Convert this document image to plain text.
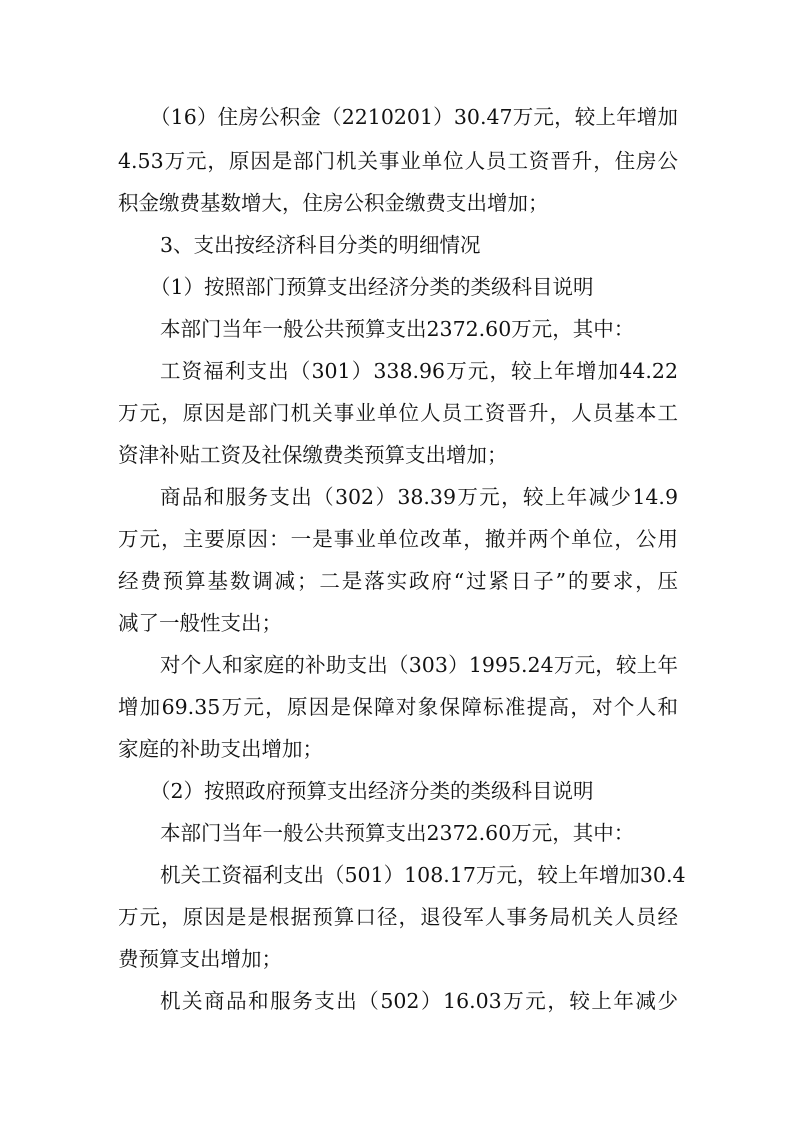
（16）住房公积金（2210201）30.47万元，较上年增加
4.53万元，原因是部门机关事业单位人员工资晋升，住房公
积金缴费基数增大，住房公积金缴费支出增加；
3、支出按经济科目分类的明细情况
（1）按照部门预算支出经济分类的类级科目说明
本部门当年一般公共预算支出2372.60万元，其中：
工资福利支出（301）338.96万元，较上年增加44.22
万元，原因是部门机关事业单位人员工资晋升，人员基本工
资津补贴工资及社保缴费类预算支出增加；
商品和服务支出（302）38.39万元，较上年减少14.9
万元，主要原因：一是事业单位改革，撤并两个单位，公用
经费预算基数调减；二是落实政府“过紧日子”的要求，压
减了一般性支出；
对个人和家庭的补助支出（303）1995.24万元，较上年
增加69.35万元，原因是保障对象保障标准提高，对个人和
家庭的补助支出增加；
（2）按照政府预算支出经济分类的类级科目说明
本部门当年一般公共预算支出2372.60万元，其中：
机关工资福利支出（501）108.17万元，较上年增加30.4
万元，原因是是根据预算口径，退役军人事务局机关人员经
费预算支出增加；
机关商品和服务支出（502）16.03万元，较上年减少
